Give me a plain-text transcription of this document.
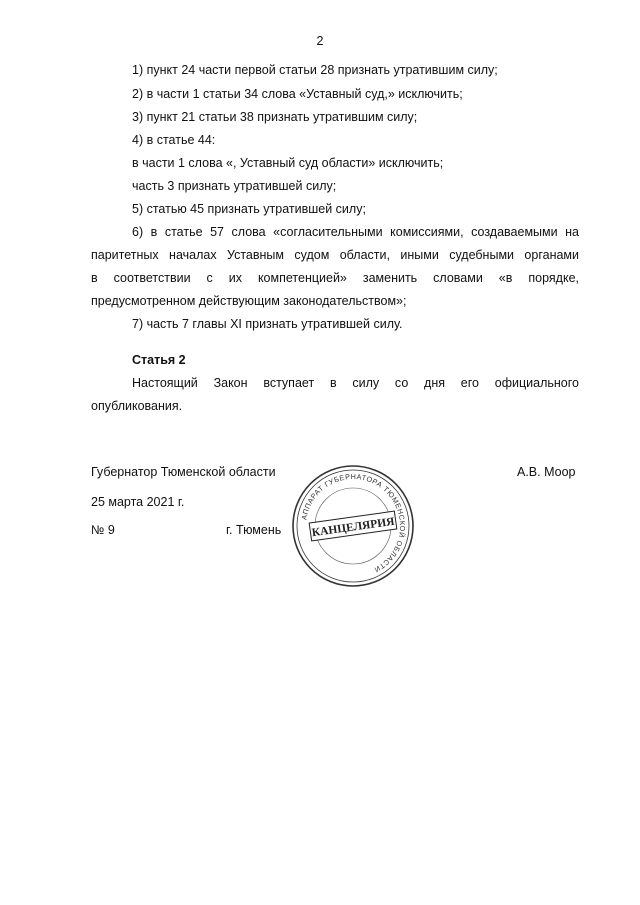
2
1) пункт 24 части первой статьи 28 признать утратившим силу;
2) в части 1 статьи 34 слова «Уставный суд,» исключить;
3) пункт 21 статьи 38 признать утратившим силу;
4) в статье 44:
в части 1 слова «, Уставный суд области» исключить;
часть 3 признать утратившей силу;
5) статью 45 признать утратившей силу;
6) в статье 57 слова «согласительными комиссиями, создаваемыми на
паритетных началах Уставным судом области, иными судебными органами
в соответствии с их компетенцией» заменить словами «в порядке,
предусмотренном действующим законодательством»;
7) часть 7 главы XI признать утратившей силу.
Статья 2
Настоящий Закон вступает в силу со дня его официального
опубликования.
Губернатор Тюменской области	А.В. Моор
25 марта 2021 г.
№ 9	г. Тюмень
АППАРАТ ГУБЕРНАТОРА ТЮМЕНСКОЙ ОБЛАСТИ
КАНЦЕЛЯРИЯ
